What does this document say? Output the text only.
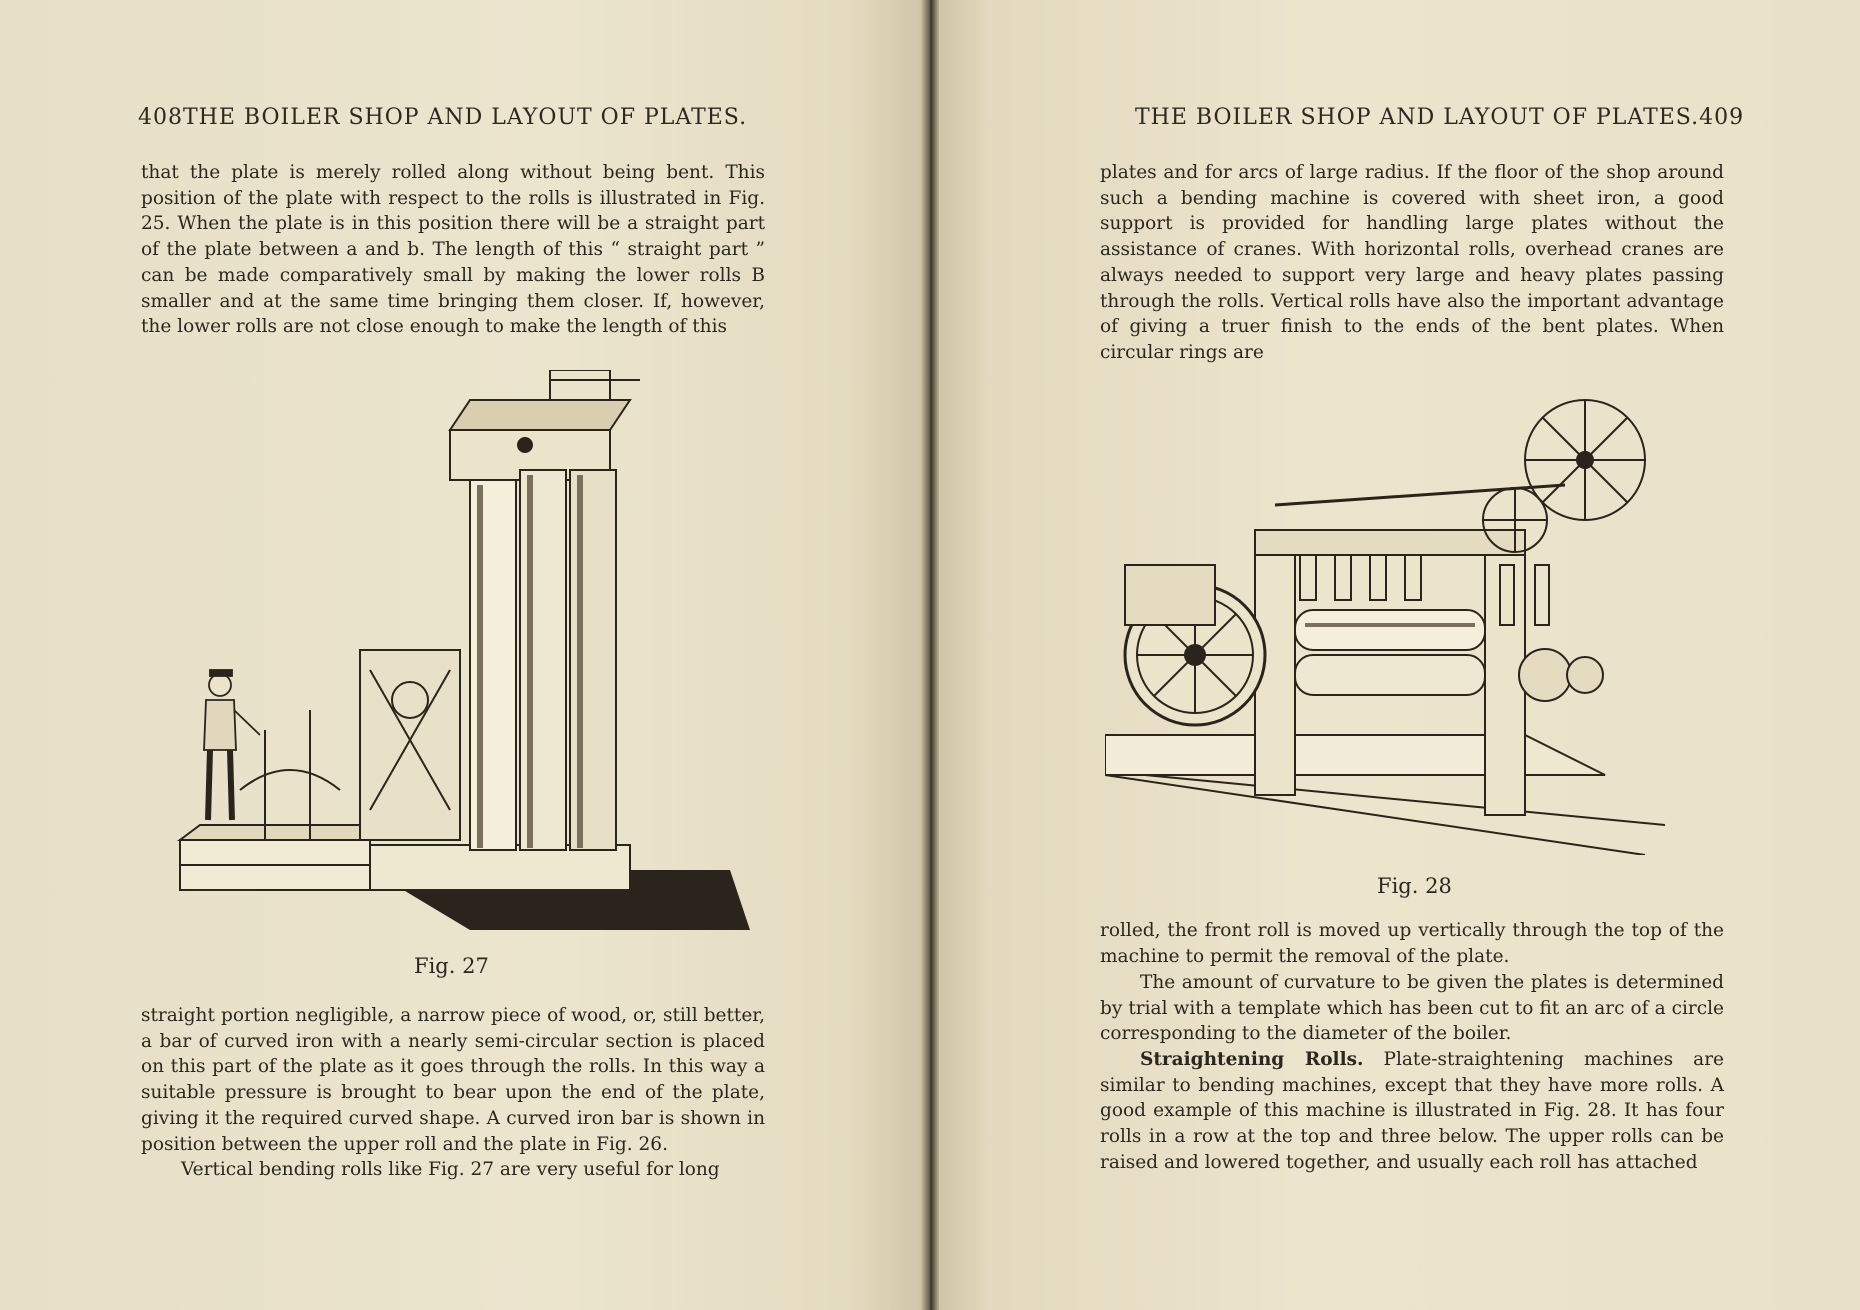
408THE BOILER SHOP AND LAYOUT OF PLATES.

that the plate is merely rolled along without being bent. This position of the plate with respect to the rolls is illustrated in Fig. 25. When the plate is in this position there will be a straight part of the plate between a and b. The length of this “ straight part ” can be made comparatively small by making the lower rolls B smaller and at the same time bringing them closer. If, however, the lower rolls are not close enough to make the length of this

Fig. 27

straight portion negligible, a narrow piece of wood, or, still better, a bar of curved iron with a nearly semi-circular section is placed on this part of the plate as it goes through the rolls. In this way a suitable pressure is brought to bear upon the end of the plate, giving it the required curved shape. A curved iron bar is shown in position between the upper roll and the plate in Fig. 26.

Vertical bending rolls like Fig. 27 are very useful for long

THE BOILER SHOP AND LAYOUT OF PLATES.409

plates and for arcs of large radius. If the floor of the shop around such a bending machine is covered with sheet iron, a good support is provided for handling large plates without the assistance of cranes. With horizontal rolls, overhead cranes are always needed to support very large and heavy plates passing through the rolls. Vertical rolls have also the important advantage of giving a truer finish to the ends of the bent plates. When circular rings are

Fig. 28

rolled, the front roll is moved up vertically through the top of the machine to permit the removal of the plate.

The amount of curvature to be given the plates is determined by trial with a template which has been cut to fit an arc of a circle corresponding to the diameter of the boiler.

Straightening Rolls. Plate-straightening machines are similar to bending machines, except that they have more rolls. A good example of this machine is illustrated in Fig. 28. It has four rolls in a row at the top and three below. The upper rolls can be raised and lowered together, and usually each roll has attached
